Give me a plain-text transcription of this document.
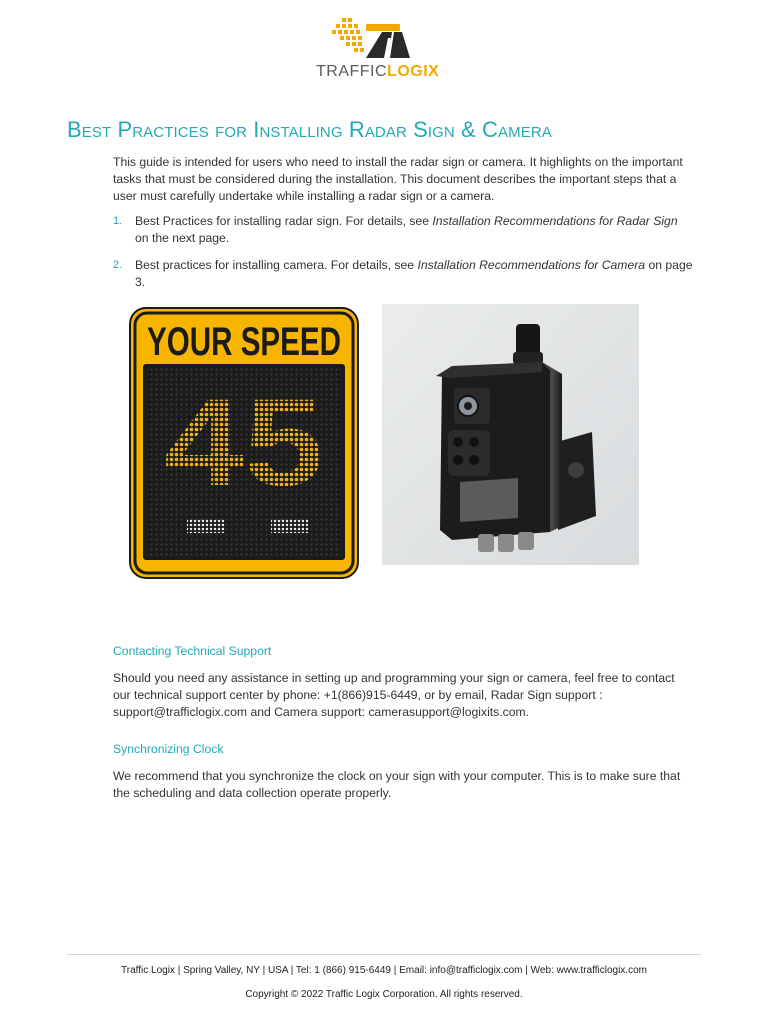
TRAFFICLOGIX
Best Practices for Installing Radar Sign & Camera

This guide is intended for users who need to install the radar sign or camera. It highlights on the important tasks that must be considered during the installation. This document describes the important steps that a user must carefully undertake while installing a radar sign or a camera.

1. Best Practices for installing radar sign. For details, see Installation Recommendations for Radar Sign on the next page.
2. Best practices for installing camera. For details, see Installation Recommendations for Camera on page 3.
YOUR SPEED
45
Contacting Technical Support

Should you need any assistance in setting up and programming your sign or camera, feel free to contact our technical support center by phone: +1(866)915-6449, or by email, Radar Sign support : support@trafficlogix.com and Camera support: camerasupport@logixits.com.

Synchronizing Clock

We recommend that you synchronize the clock on your sign with your computer. This is to make sure that the scheduling and data collection operate properly.

Traffic Logix | Spring Valley, NY | USA | Tel: 1 (866) 915-6449 | Email: info@trafficlogix.com | Web: www.trafficlogix.com
Copyright © 2022 Traffic Logix Corporation. All rights reserved.
